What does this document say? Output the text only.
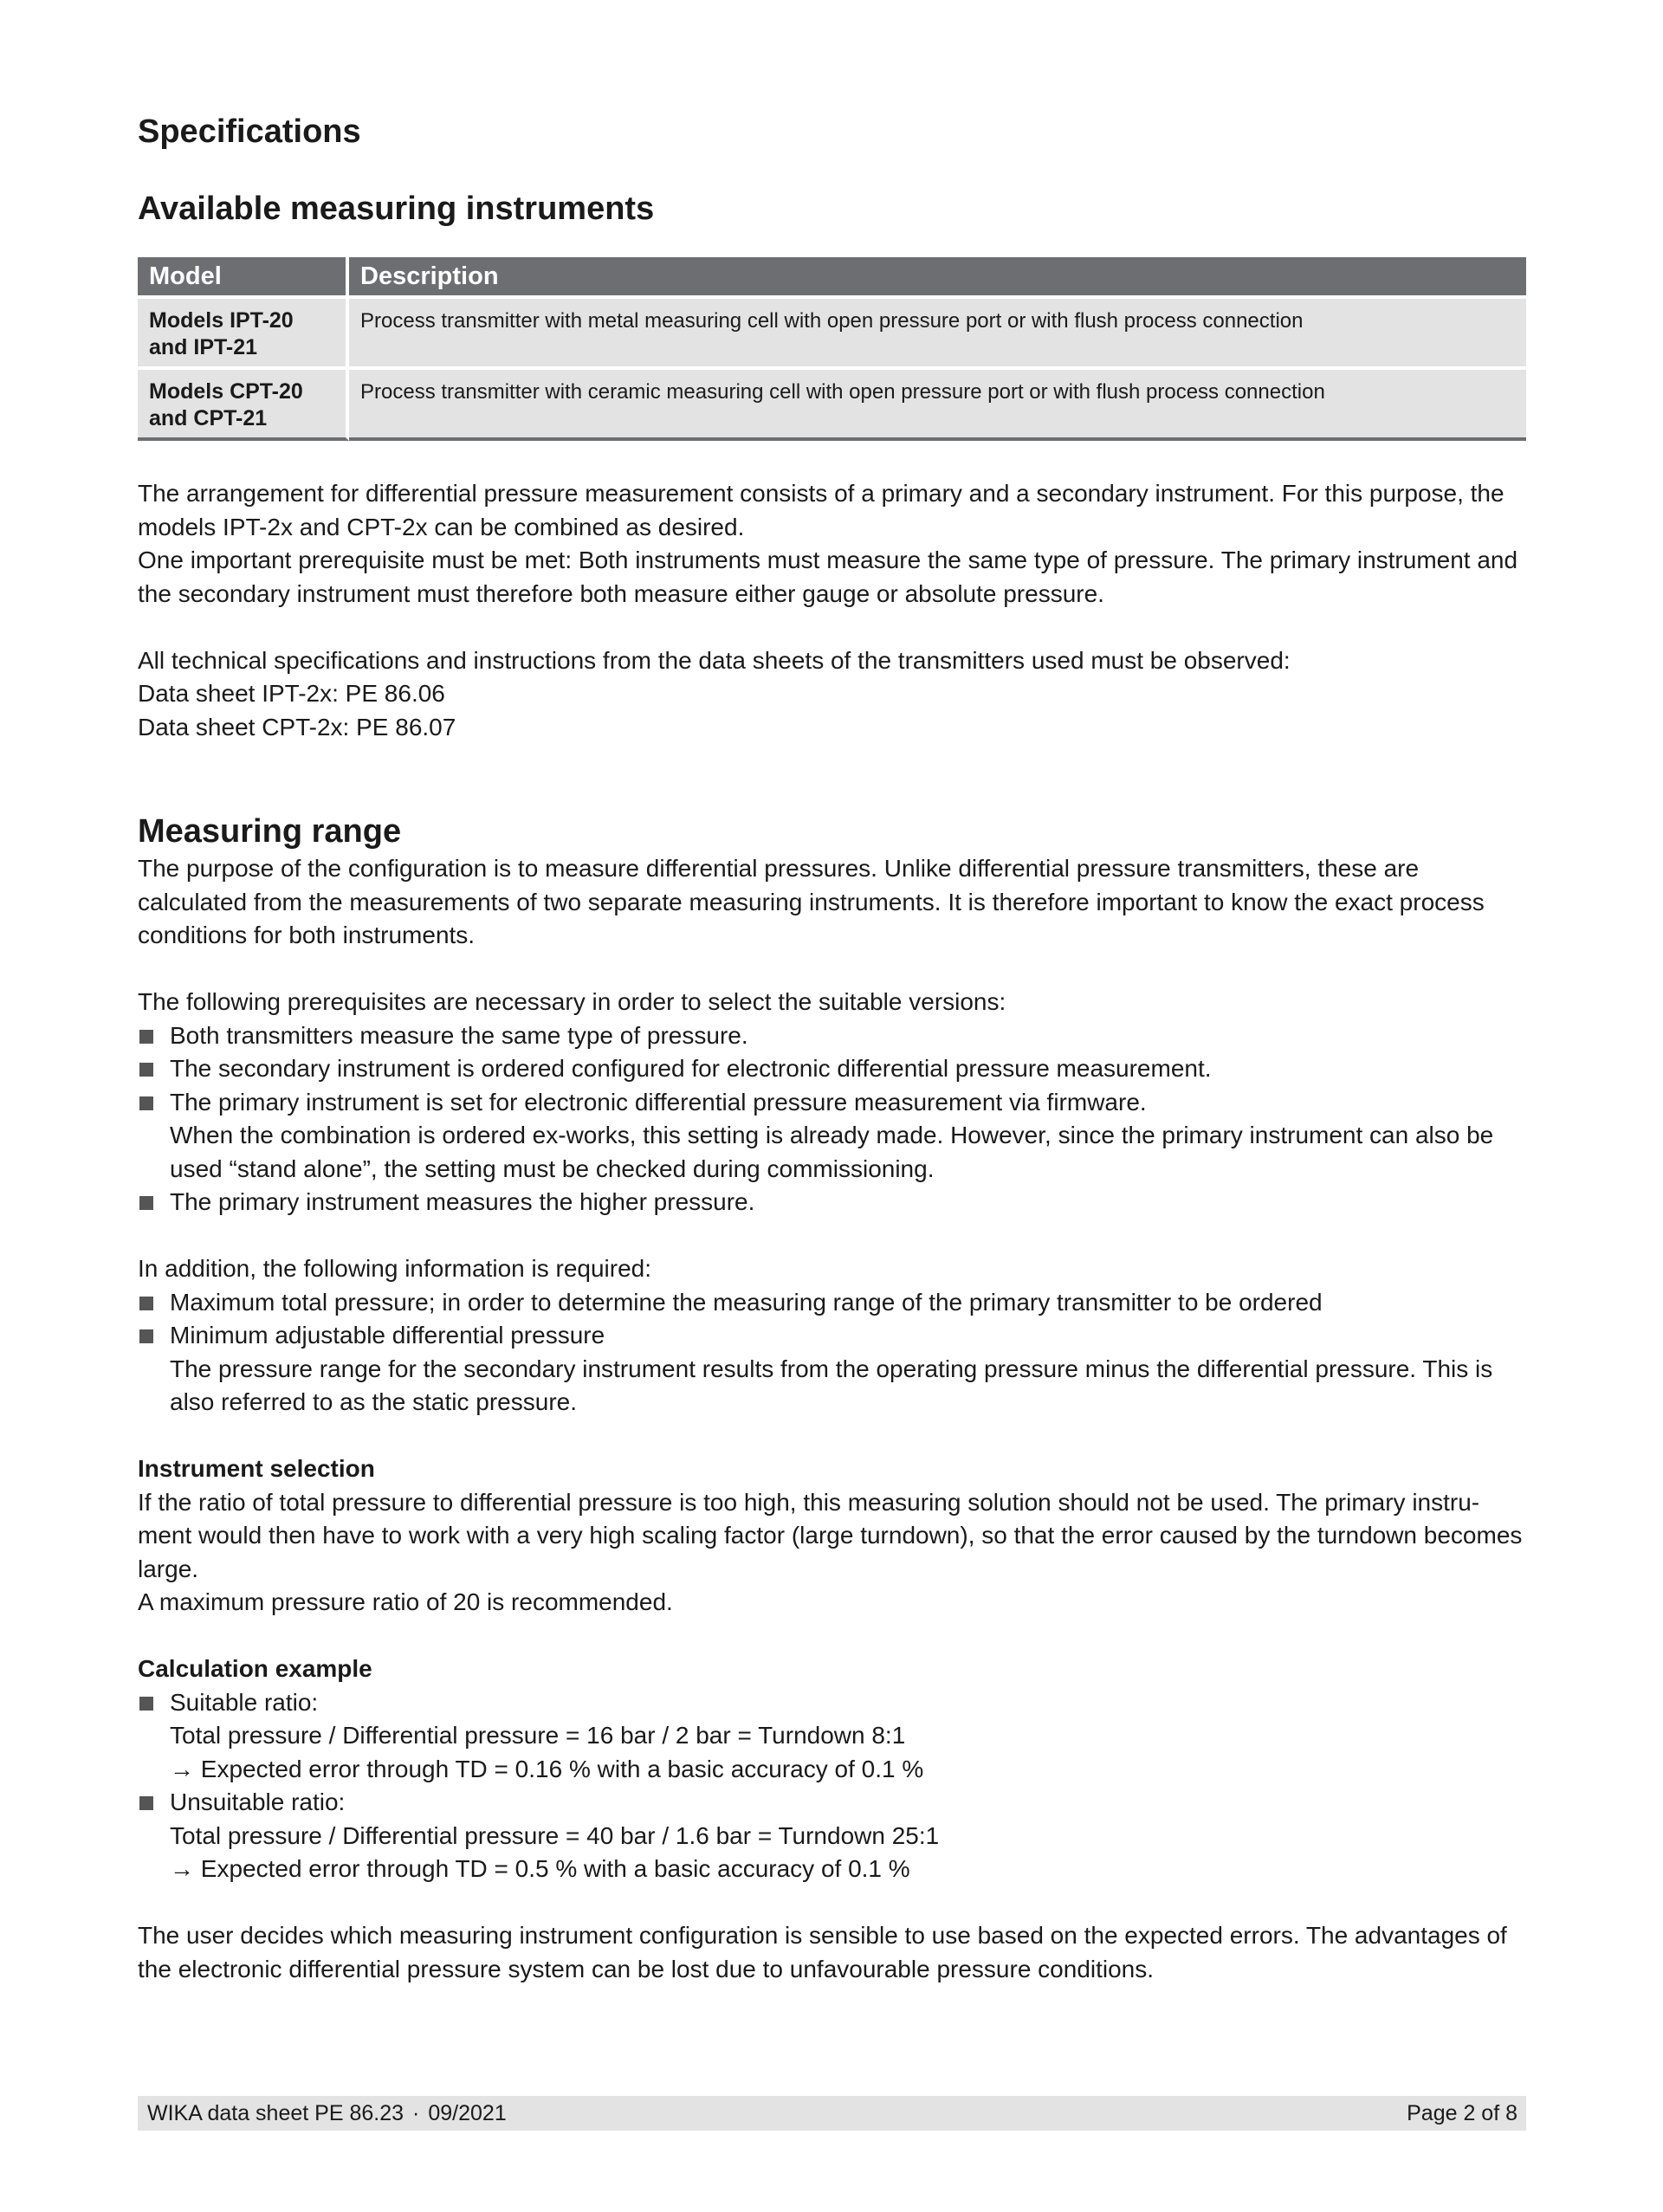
Specifications
Available measuring instruments
Model	Description
Models IPT-20 and IPT-21	Process transmitter with metal measuring cell with open pressure port or with flush process connection
Models CPT-20 and CPT-21	Process transmitter with ceramic measuring cell with open pressure port or with flush process connection

The arrangement for differential pressure measurement consists of a primary and a secondary instrument. For this purpose, the models IPT-2x and CPT-2x can be combined as desired.

One important prerequisite must be met: Both instruments must measure the same type of pressure. The primary instrument and the secondary instrument must therefore both measure either gauge or absolute pressure.

All technical specifications and instructions from the data sheets of the transmitters used must be observed:

Data sheet IPT-2x: PE 86.06

Data sheet CPT-2x: PE 86.07

Measuring range

The purpose of the configuration is to measure differential pressures. Unlike differential pressure transmitters, these are calculated from the measurements of two separate measuring instruments. It is therefore important to know the exact process conditions for both instruments.

The following prerequisites are necessary in order to select the suitable versions:

Both transmitters measure the same type of pressure.
The secondary instrument is ordered configured for electronic differential pressure measurement.
The primary instrument is set for electronic differential pressure measurement via firmware.
When the combination is ordered ex-works, this setting is already made. However, since the primary instrument can also be used “stand alone”, the setting must be checked during commissioning.
The primary instrument measures the higher pressure.

In addition, the following information is required:

Maximum total pressure; in order to determine the measuring range of the primary transmitter to be ordered
Minimum adjustable differential pressure
The pressure range for the secondary instrument results from the operating pressure minus the differential pressure. This is also referred to as the static pressure.

Instrument selection

If the ratio of total pressure to differential pressure is too high, this measuring solution should not be used. The primary instru-ment would then have to work with a very high scaling factor (large turndown), so that the error caused by the turndown becomes large.

A maximum pressure ratio of 20 is recommended.

Calculation example

Suitable ratio:
Total pressure / Differential pressure = 16 bar / 2 bar = Turndown 8:1
→ Expected error through TD = 0.16 % with a basic accuracy of 0.1 %
Unsuitable ratio:
Total pressure / Differential pressure = 40 bar / 1.6 bar = Turndown 25:1
→ Expected error through TD = 0.5 % with a basic accuracy of 0.1 %

The user decides which measuring instrument configuration is sensible to use based on the expected errors. The advantages of the electronic differential pressure system can be lost due to unfavourable pressure conditions.

WIKA data sheet PE 86.23 · 09/2021	Page 2 of 8
